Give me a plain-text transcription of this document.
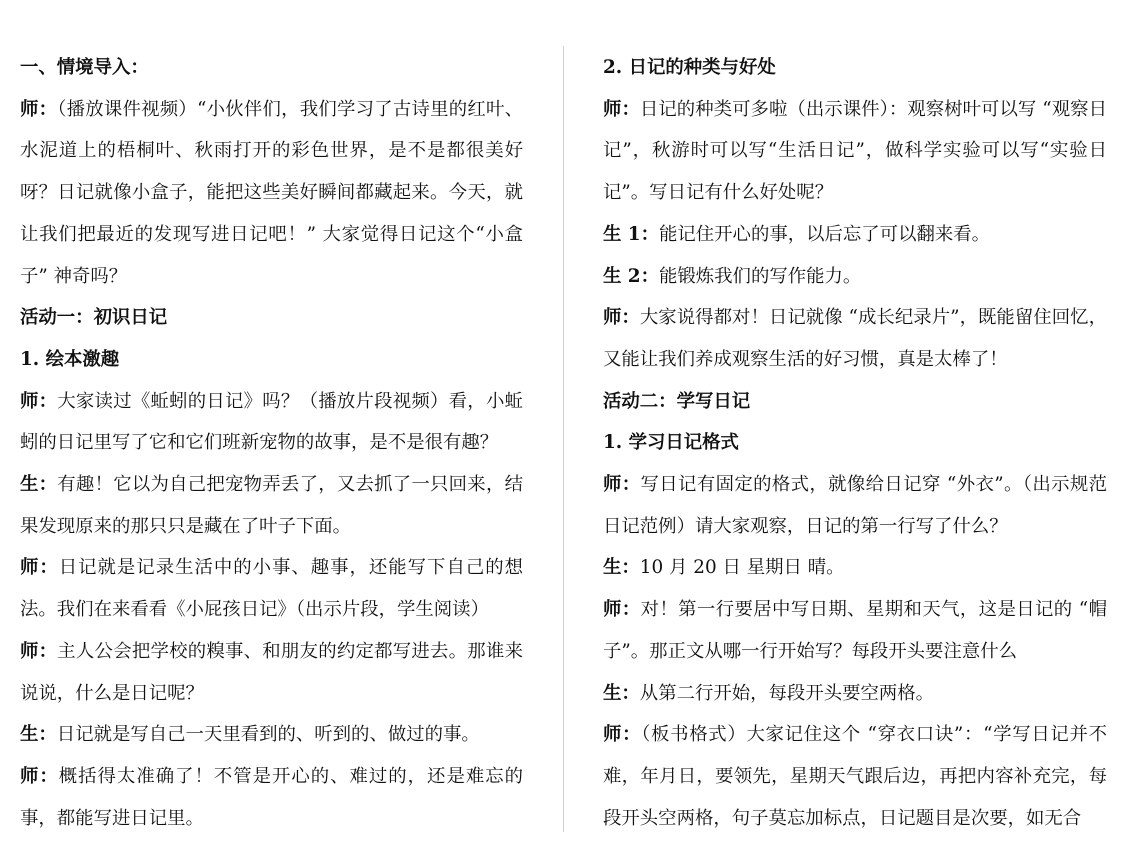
一、情境导入：

师：（播放课件视频）“小伙伴们，我们学习了古诗里的红叶、水泥道上的梧桐叶、秋雨打开的彩色世界，是不是都很美好呀？日记就像小盒子，能把这些美好瞬间都藏起来。今天，就让我们把最近的发现写进日记吧！” 大家觉得日记这个“小盒子” 神奇吗？

活动一：初识日记

1. 绘本激趣

师：大家读过《蚯蚓的日记》吗？（播放片段视频）看，小蚯蚓的日记里写了它和它们班新宠物的故事，是不是很有趣？

生：有趣！它以为自己把宠物弄丢了，又去抓了一只回来，结果发现原来的那只只是藏在了叶子下面。

师：日记就是记录生活中的小事、趣事，还能写下自己的想法。我们在来看看《小屁孩日记》（出示片段，学生阅读）

师：主人公会把学校的糗事、和朋友的约定都写进去。那谁来说说，什么是日记呢？

生：日记就是写自己一天里看到的、听到的、做过的事。

师：概括得太准确了！不管是开心的、难过的，还是难忘的事，都能写进日记里。

2. 日记的种类与好处

师：日记的种类可多啦（出示课件）：观察树叶可以写 “观察日记”，秋游时可以写“生活日记”，做科学实验可以写“实验日记”。写日记有什么好处呢？

生 1：能记住开心的事，以后忘了可以翻来看。

生 2：能锻炼我们的写作能力。

师：大家说得都对！日记就像 “成长纪录片”，既能留住回忆，又能让我们养成观察生活的好习惯，真是太棒了！

活动二：学写日记

1. 学习日记格式

师：写日记有固定的格式，就像给日记穿 “外衣”。（出示规范日记范例）请大家观察，日记的第一行写了什么？

生：10 月 20 日 星期日 晴。

师：对！第一行要居中写日期、星期和天气，这是日记的 “帽子”。那正文从哪一行开始写？每段开头要注意什么

生：从第二行开始，每段开头要空两格。

师：（板书格式）大家记住这个 “穿衣口诀”：“学写日记并不难，年月日，要领先，星期天气跟后边，再把内容补充完，每段开头空两格，句子莫忘加标点，日记题目是次要，如无合
